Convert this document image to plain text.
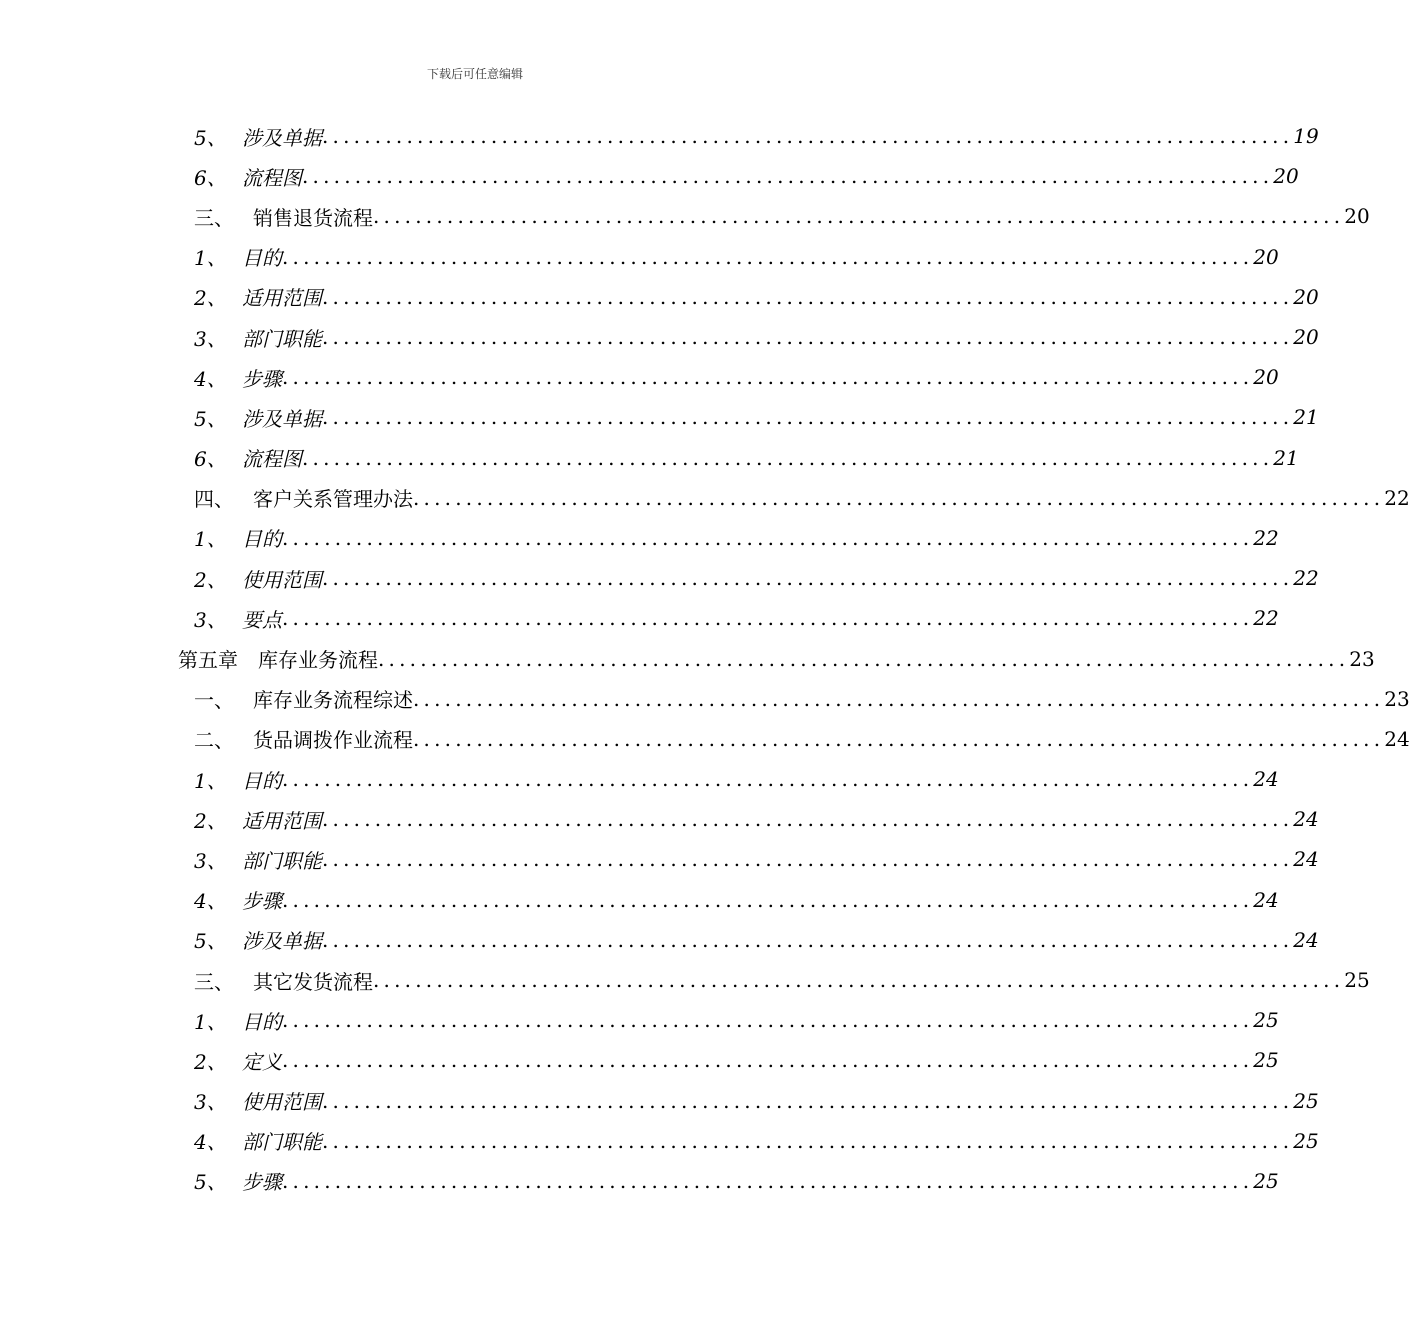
下载后可任意编辑
5、 涉及单据 ............................................................................................ 19
6、 流程图 ............................................................................................ 20
三、 销售退货流程 ............................................................................................ 20
1、 目的 ............................................................................................ 20
2、 适用范围 ............................................................................................ 20
3、 部门职能 ............................................................................................ 20
4、 步骤 ............................................................................................ 20
5、 涉及单据 ............................................................................................ 21
6、 流程图 ............................................................................................ 21
四、 客户关系管理办法 ............................................................................................ 22
1、 目的 ............................................................................................ 22
2、 使用范围 ............................................................................................ 22
3、 要点 ............................................................................................ 22
第五章	库存业务流程 ............................................................................................ 23
一、 库存业务流程综述 ............................................................................................ 23
二、 货品调拨作业流程 ............................................................................................ 24
1、 目的 ............................................................................................ 24
2、 适用范围 ............................................................................................ 24
3、 部门职能 ............................................................................................ 24
4、 步骤 ............................................................................................ 24
5、 涉及单据 ............................................................................................ 24
三、 其它发货流程 ............................................................................................ 25
1、 目的 ............................................................................................ 25
2、 定义 ............................................................................................ 25
3、 使用范围 ............................................................................................ 25
4、 部门职能 ............................................................................................ 25
5、 步骤 ............................................................................................ 25
